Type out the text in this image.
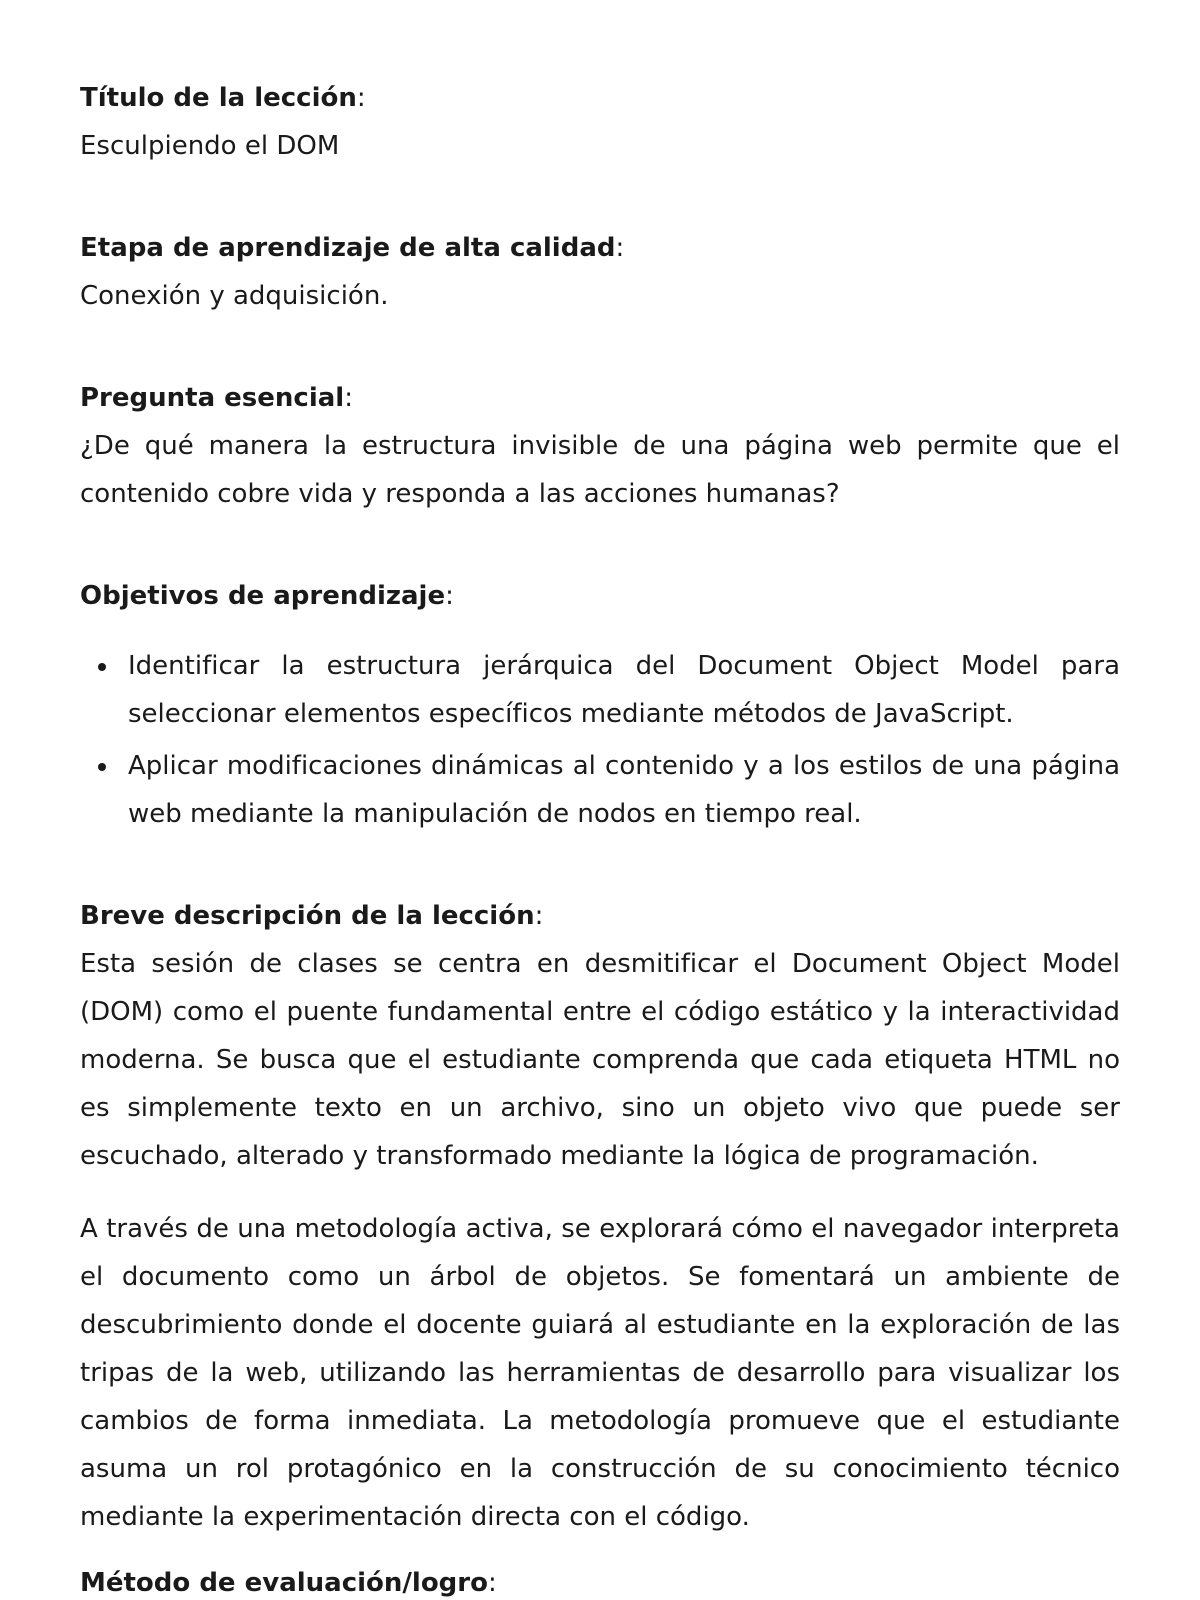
Título de la lección:

Esculpiendo el DOM

Etapa de aprendizaje de alta calidad:

Conexión y adquisición.

Pregunta esencial:

¿De qué manera la estructura invisible de una página web permite que el contenido cobre vida y responda a las acciones humanas?

Objetivos de aprendizaje:

• Identificar la estructura jerárquica del Document Object Model para seleccionar elementos específicos mediante métodos de JavaScript.
• Aplicar modificaciones dinámicas al contenido y a los estilos de una página web mediante la manipulación de nodos en tiempo real.

Breve descripción de la lección:

Esta sesión de clases se centra en desmitificar el Document Object Model (DOM) como el puente fundamental entre el código estático y la interactividad moderna. Se busca que el estudiante comprenda que cada etiqueta HTML no es simplemente texto en un archivo, sino un objeto vivo que puede ser escuchado, alterado y transformado mediante la lógica de programación.

A través de una metodología activa, se explorará cómo el navegador interpreta el documento como un árbol de objetos. Se fomentará un ambiente de descubrimiento donde el docente guiará al estudiante en la exploración de las tripas de la web, utilizando las herramientas de desarrollo para visualizar los cambios de forma inmediata. La metodología promueve que el estudiante asuma un rol protagónico en la construcción de su conocimiento técnico mediante la experimentación directa con el código.

Método de evaluación/logro:
